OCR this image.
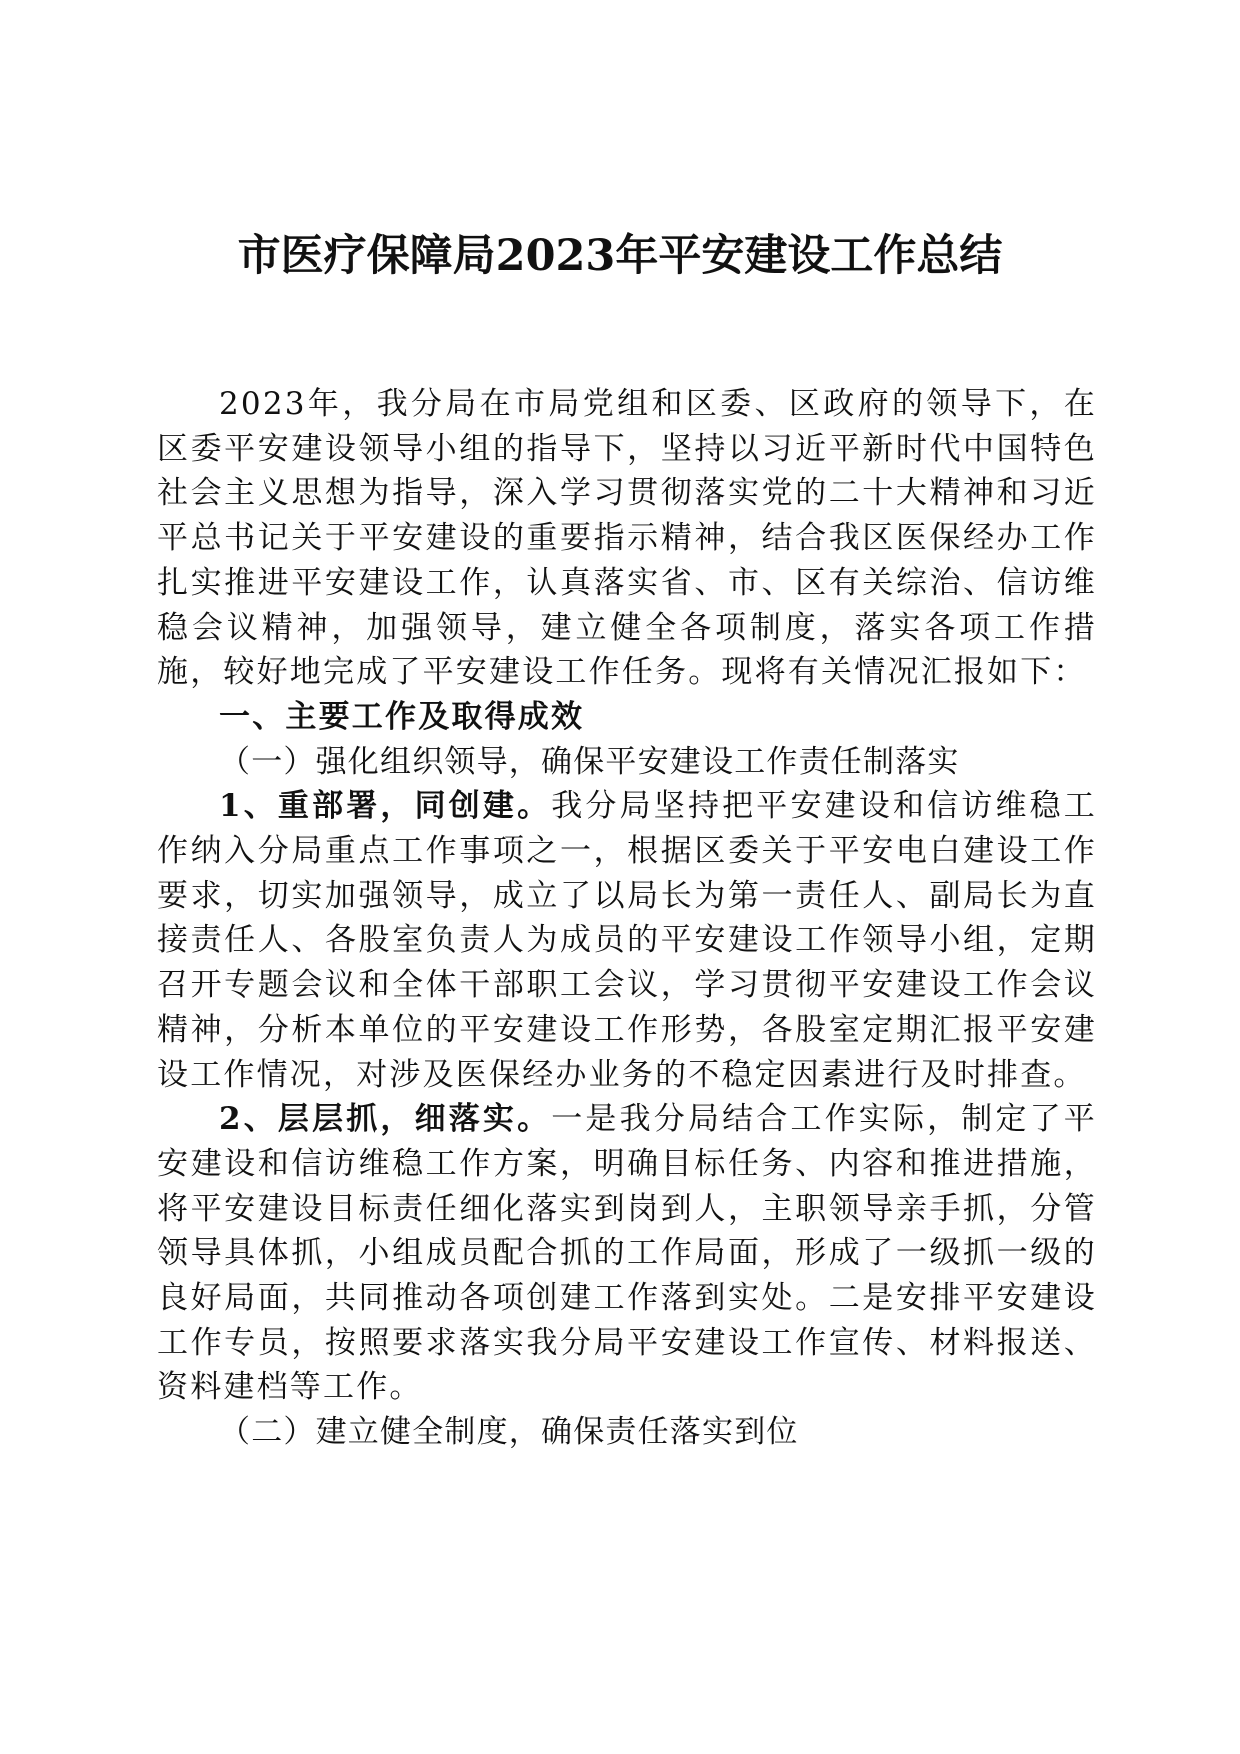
市医疗保障局2023年平安建设工作总结

2023年，我分局在市局党组和区委、区政府的领导下，在区委平安建设领导小组的指导下，坚持以习近平新时代中国特色社会主义思想为指导，深入学习贯彻落实党的二十大精神和习近平总书记关于平安建设的重要指示精神，结合我区医保经办工作扎实推进平安建设工作，认真落实省、市、区有关综治、信访维稳会议精神，加强领导，建立健全各项制度，落实各项工作措施，较好地完成了平安建设工作任务。现将有关情况汇报如下：

一、主要工作及取得成效

（一）强化组织领导，确保平安建设工作责任制落实

1、重部署，同创建。我分局坚持把平安建设和信访维稳工作纳入分局重点工作事项之一，根据区委关于平安电白建设工作要求，切实加强领导，成立了以局长为第一责任人、副局长为直接责任人、各股室负责人为成员的平安建设工作领导小组，定期召开专题会议和全体干部职工会议，学习贯彻平安建设工作会议精神，分析本单位的平安建设工作形势，各股室定期汇报平安建设工作情况，对涉及医保经办业务的不稳定因素进行及时排查。

2、层层抓，细落实。一是我分局结合工作实际，制定了平安建设和信访维稳工作方案，明确目标任务、内容和推进措施，将平安建设目标责任细化落实到岗到人，主职领导亲手抓，分管领导具体抓，小组成员配合抓的工作局面，形成了一级抓一级的良好局面，共同推动各项创建工作落到实处。二是安排平安建设工作专员，按照要求落实我分局平安建设工作宣传、材料报送、资料建档等工作。

（二）建立健全制度，确保责任落实到位
